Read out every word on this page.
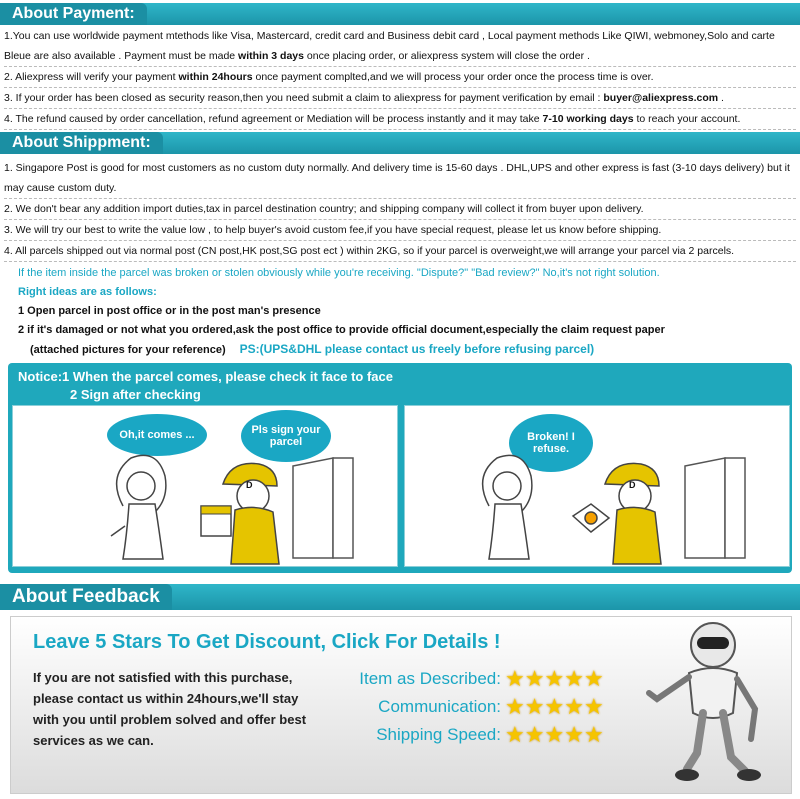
About Payment:

1.You can use worldwide payment mtethods like Visa, Mastercard, credit card and Business debit card , Local payment methods Like QIWI, webmoney,Solo and carte Bleue are also available . Payment must be made within 3 days once placing order, or aliexpress system will close the order .

2. Aliexpress will verify your payment within 24hours once payment complted,and we will process your order once the process time is over.

3. If your order has been closed as security reason,then you need submit a claim to aliexpress for payment verification by email : buyer@aliexpress.com .

4. The refund caused by order cancellation, refund agreement or Mediation will be process instantly and it may take 7-10 working days to reach your account.

About Shippment:

1. Singapore Post is good for most customers as no custom duty normally. And delivery time is 15-60 days . DHL,UPS and other express is fast (3-10 days delivery) but it may cause custom duty.

2. We don't bear any addition import duties,tax in parcel destination country; and shipping company will collect it from buyer upon delivery.

3. We will try our best to write the value low , to help buyer's avoid custom fee,if you have special request, please let us know before shipping.

4. All parcels shipped out via normal post (CN post,HK post,SG post ect ) within 2KG, so if your parcel is overweight,we will arrange your parcel via 2 parcels.

If the item inside the parcel was broken or stolen obviously while you're receiving. "Dispute?" "Bad review?" No,it's not right solution.
Right ideas are as follows:
1 Open parcel in post office or in the post man's presence
2 if it's damaged or not what you ordered,ask the post office to provide official document,especially the claim request paper
(attached pictures for your reference) PS:(UPS&DHL please contact us freely before refusing parcel)
Notice:1 When the parcel comes, please check it face to face
2 Sign after checking
Oh,it comes ...	Pls sign your parcel
D
Broken! I refuse.
D
About Feedback
Leave 5 Stars To Get Discount, Click For Details !
If you are not satisfied with this purchase, please contact us within 24hours,we'll stay with you until problem solved and offer best services as we can.
Item as Described: ★★★★★
Communication: ★★★★★
Shipping Speed: ★★★★★
